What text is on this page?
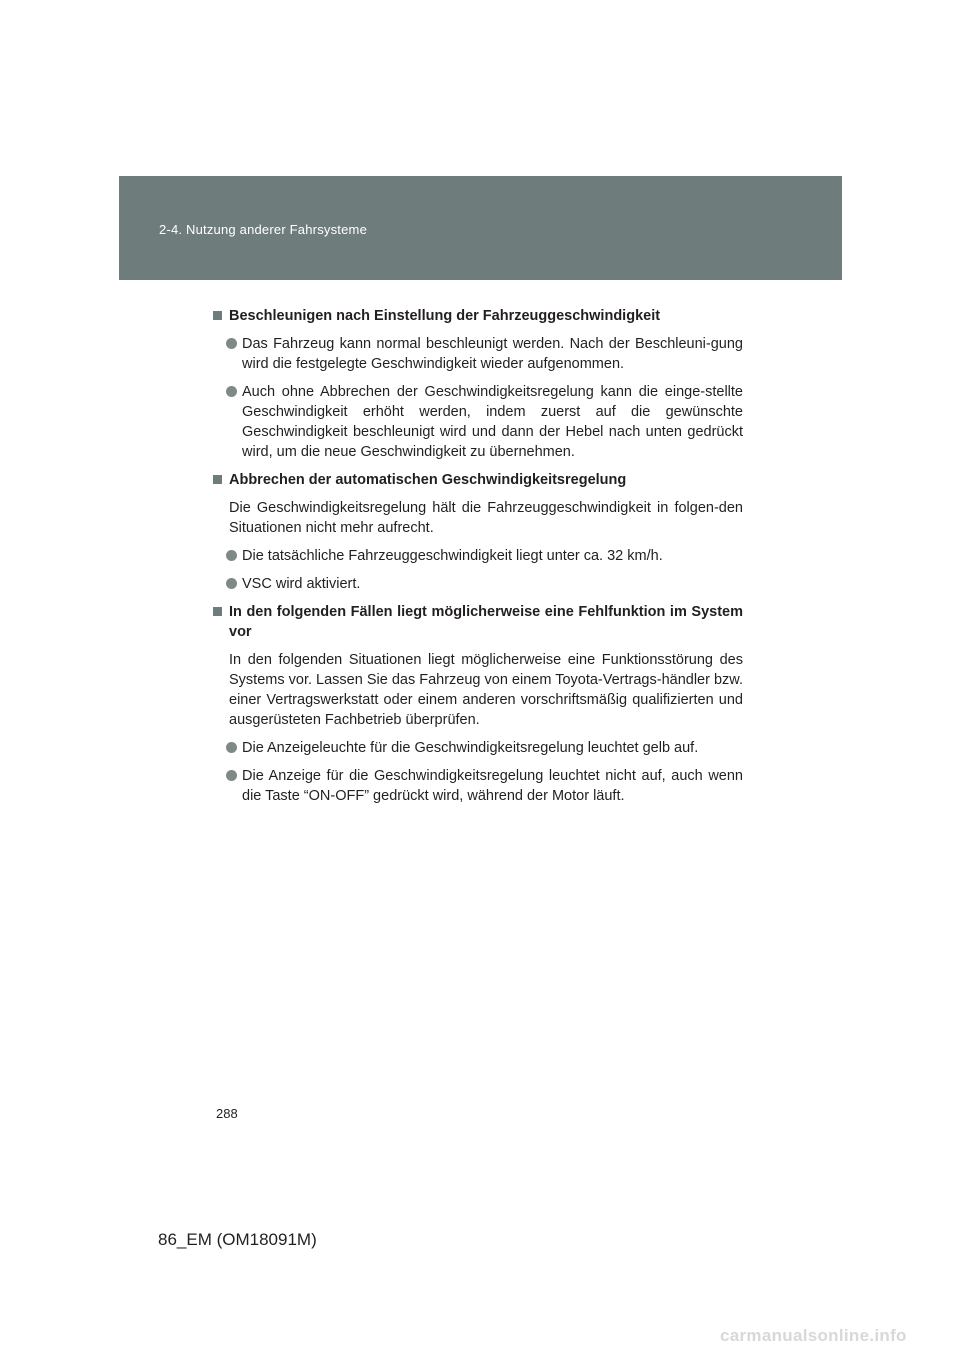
2-4. Nutzung anderer Fahrsysteme
Beschleunigen nach Einstellung der Fahrzeuggeschwindigkeit
Das Fahrzeug kann normal beschleunigt werden. Nach der Beschleuni-gung wird die festgelegte Geschwindigkeit wieder aufgenommen.
Auch ohne Abbrechen der Geschwindigkeitsregelung kann die einge-stellte Geschwindigkeit erhöht werden, indem zuerst auf die gewünschte Geschwindigkeit beschleunigt wird und dann der Hebel nach unten gedrückt wird, um die neue Geschwindigkeit zu übernehmen.
Abbrechen der automatischen Geschwindigkeitsregelung
Die Geschwindigkeitsregelung hält die Fahrzeuggeschwindigkeit in folgen-den Situationen nicht mehr aufrecht.
Die tatsächliche Fahrzeuggeschwindigkeit liegt unter ca. 32 km/h.
VSC wird aktiviert.
In den folgenden Fällen liegt möglicherweise eine Fehlfunktion im System vor
In den folgenden Situationen liegt möglicherweise eine Funktionsstörung des Systems vor. Lassen Sie das Fahrzeug von einem Toyota-Vertrags-händler bzw. einer Vertragswerkstatt oder einem anderen vorschriftsmäßig qualifizierten und ausgerüsteten Fachbetrieb überprüfen.
Die Anzeigeleuchte für die Geschwindigkeitsregelung leuchtet gelb auf.
Die Anzeige für die Geschwindigkeitsregelung leuchtet nicht auf, auch wenn die Taste “ON-OFF” gedrückt wird, während der Motor läuft.
288
86_EM (OM18091M)
carmanualsonline.info
